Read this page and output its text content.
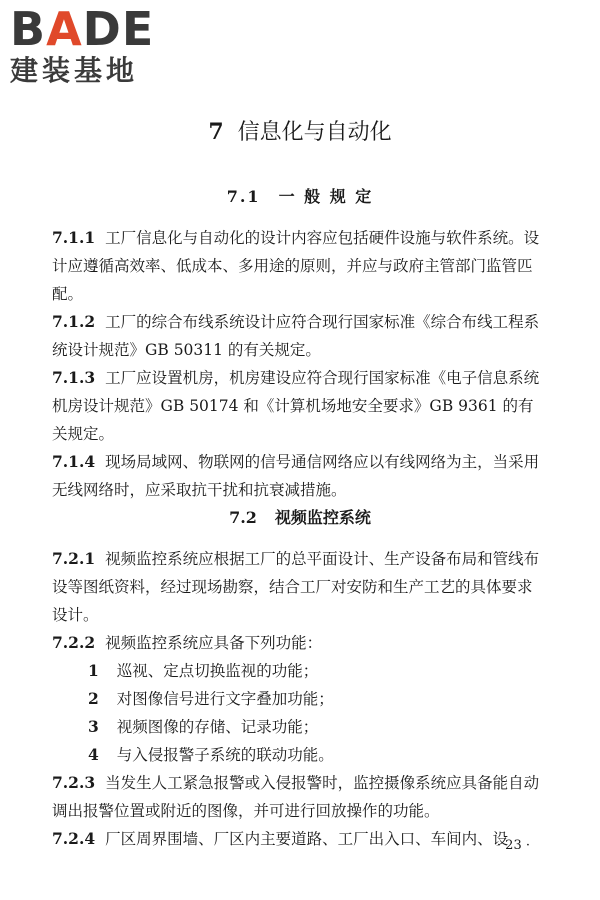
BADE
建装基地
7 信息化与自动化
7.1 一 般 规 定

7.1.1 工厂信息化与自动化的设计内容应包括硬件设施与软件系统。设计应遵循高效率、低成本、多用途的原则，并应与政府主管部门监管匹配。

7.1.2 工厂的综合布线系统设计应符合现行国家标准《综合布线工程系统设计规范》GB 50311 的有关规定。

7.1.3 工厂应设置机房，机房建设应符合现行国家标准《电子信息系统机房设计规范》GB 50174 和《计算机场地安全要求》GB 9361 的有关规定。

7.1.4 现场局域网、物联网的信号通信网络应以有线网络为主，当采用无线网络时，应采取抗干扰和抗衰减措施。

7.2 视频监控系统

7.2.1 视频监控系统应根据工厂的总平面设计、生产设备布局和管线布设等图纸资料，经过现场勘察，结合工厂对安防和生产工艺的具体要求设计。

7.2.2 视频监控系统应具备下列功能：

1 巡视、定点切换监视的功能；

2 对图像信号进行文字叠加功能；

3 视频图像的存储、记录功能；

4 与入侵报警子系统的联动功能。

7.2.3 当发生人工紧急报警或入侵报警时，监控摄像系统应具备能自动调出报警位置或附近的图像，并可进行回放操作的功能。

7.2.4 厂区周界围墙、厂区内主要道路、工厂出入口、车间内、设

· 23 ·
